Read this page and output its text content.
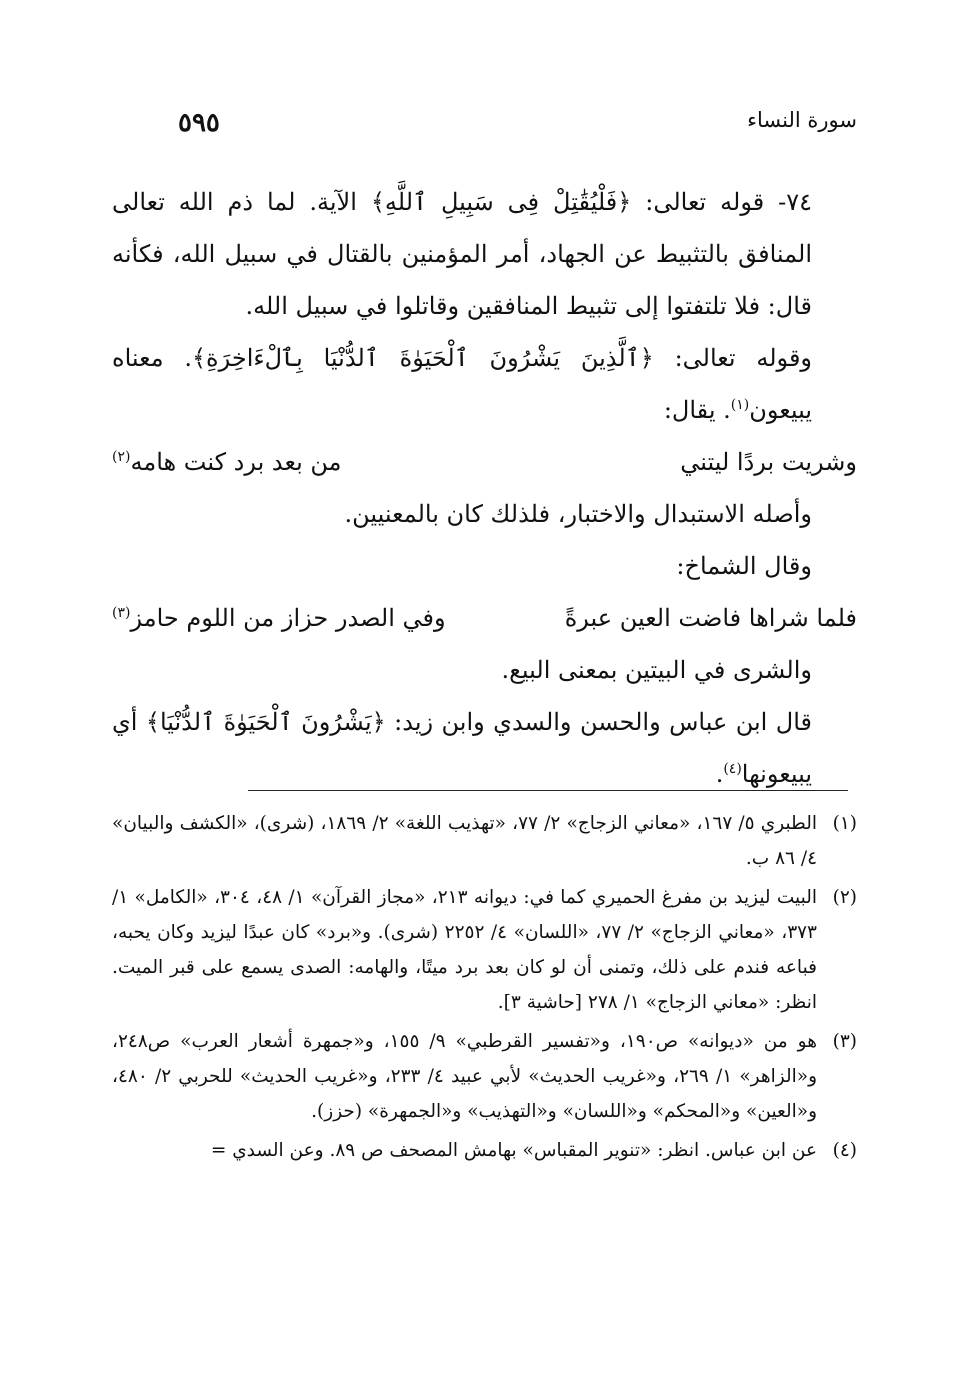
٥٩٥	سورة النساء

٧٤- قوله تعالى: ﴿فَلْيُقَٰتِلْ فِى سَبِيلِ ٱللَّهِ﴾ الآية. لما ذم الله تعالى المنافق بالتثبيط عن الجهاد، أمر المؤمنين بالقتال في سبيل الله، فكأنه قال: فلا تلتفتوا إلى تثبيط المنافقين وقاتلوا في سبيل الله.

وقوله تعالى: ﴿ٱلَّذِينَ يَشْرُونَ ٱلْحَيَوٰةَ ٱلدُّنْيَا بِٱلْءَاخِرَةِ﴾. معناه يبيعون$^{(١)}$. يقال:

وشريت بردًا ليتني
من بعد برد كنت هامه$^{(٢)}$

وأصله الاستبدال والاختبار، فلذلك كان بالمعنيين.

وقال الشماخ:

فلما شراها فاضت العين عبرةً
وفي الصدر حزاز من اللوم حامز$^{(٣)}$

والشرى في البيتين بمعنى البيع.

قال ابن عباس والحسن والسدي وابن زيد: ﴿يَشْرُونَ ٱلْحَيَوٰةَ ٱلدُّنْيَا﴾ أي يبيعونها$^{(٤)}$.

(١)
الطبري ٥/ ١٦٧، «معاني الزجاج» ٢/ ٧٧، «تهذيب اللغة» ٢/ ١٨٦٩، (شرى)، «الكشف والبيان» ٤/ ٨٦ ب.
(٢)
البيت ليزيد بن مفرغ الحميري كما في: ديوانه ٢١٣، «مجاز القرآن» ١/ ٤٨، ٣٠٤، «الكامل» ١/ ٣٧٣، «معاني الزجاج» ٢/ ٧٧، «اللسان» ٤/ ٢٢٥٢ (شرى). و«برد» كان عبدًا ليزيد وكان يحبه، فباعه فندم على ذلك، وتمنى أن لو كان بعد برد ميتًا، والهامه: الصدى يسمع على قبر الميت. انظر: «معاني الزجاج» ١/ ٢٧٨ [حاشية ٣].
(٣)
هو من «ديوانه» ص١٩٠، و«تفسير القرطبي» ٩/ ١٥٥، و«جمهرة أشعار العرب» ص٢٤٨، و«الزاهر» ١/ ٢٦٩، و«غريب الحديث» لأبي عبيد ٤/ ٢٣٣، و«غريب الحديث» للحربي ٢/ ٤٨٠، و«العين» و«المحكم» و«اللسان» و«التهذيب» و«الجمهرة» (حزز).
(٤)
عن ابن عباس. انظر: «تنوير المقباس» بهامش المصحف ص ٨٩. وعن السدي =
